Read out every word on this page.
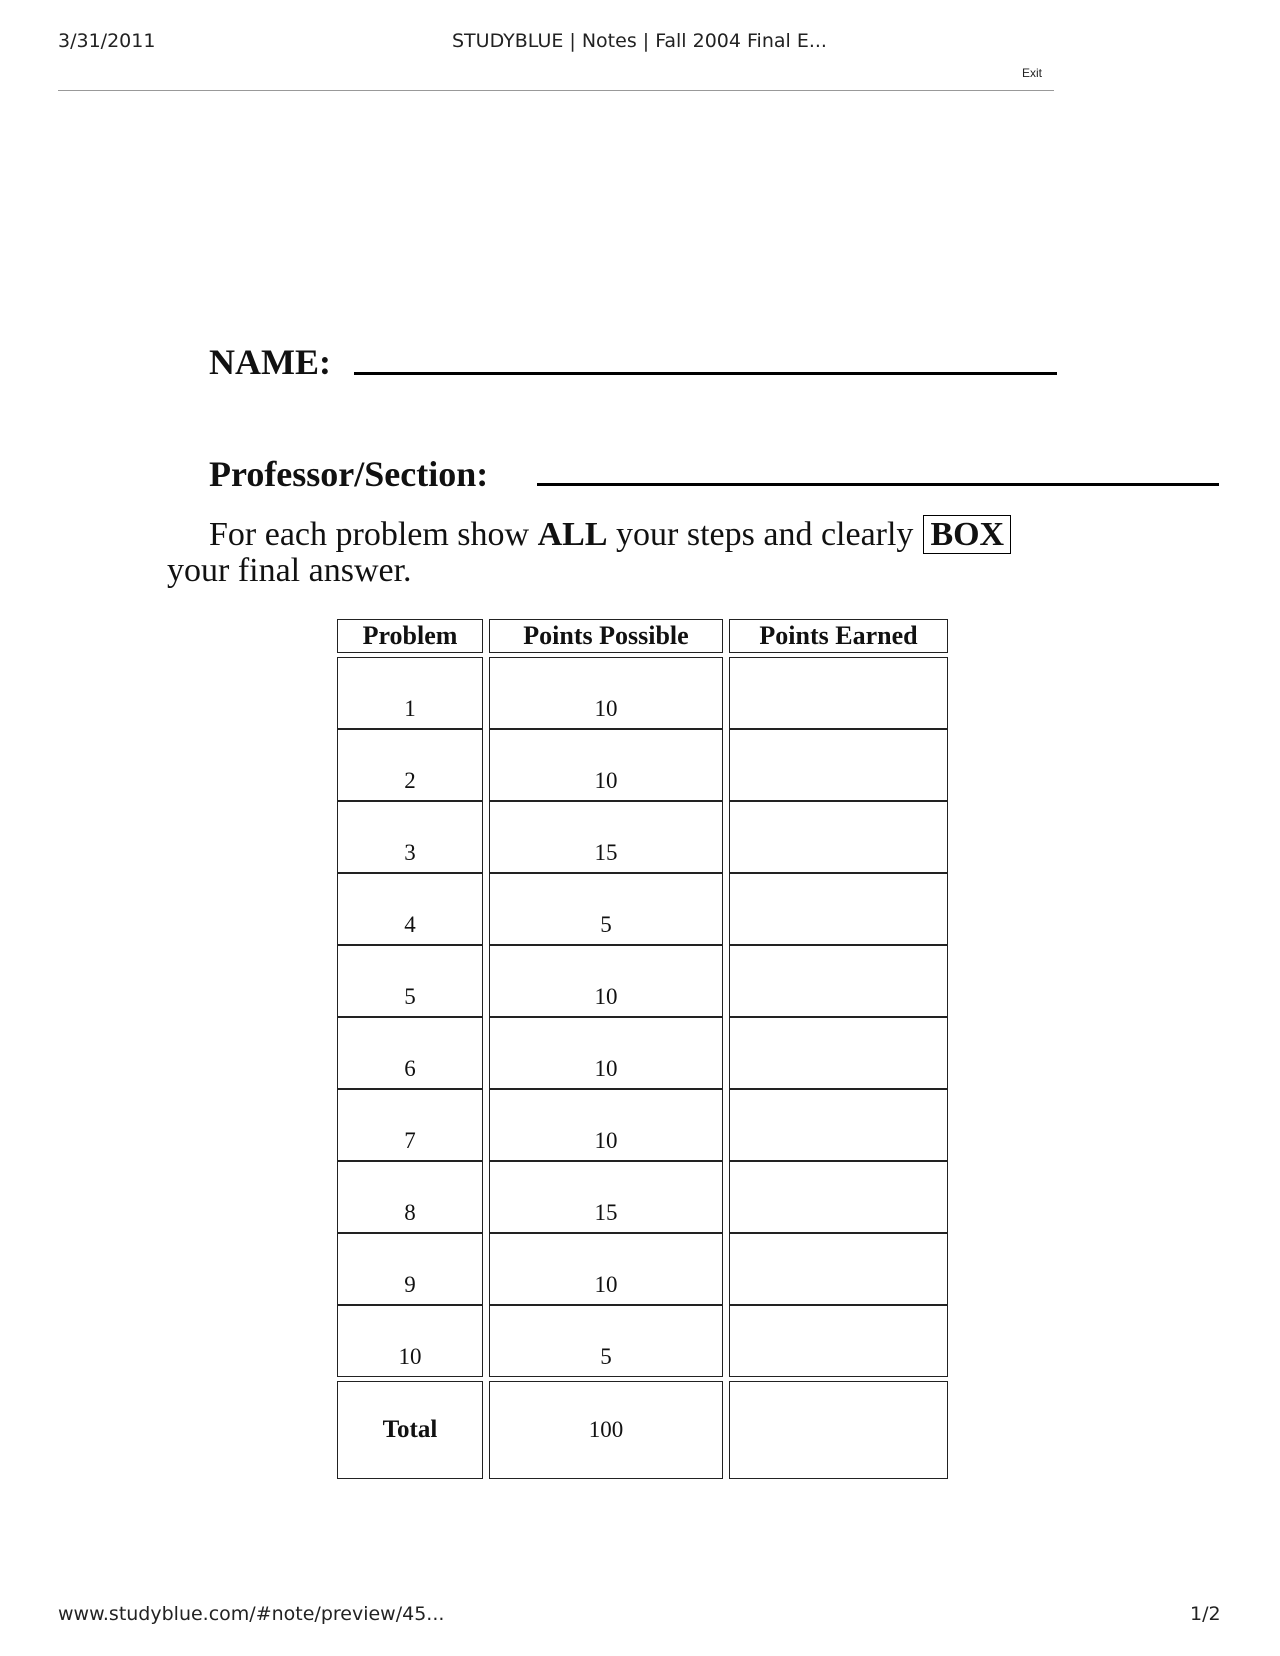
3/31/2011	STUDYBLUE | Notes | Fall 2004 Final E...
Exit
NAME:
Professor/Section:
For each problem show ALL your steps and clearly BOX
your final answer.
Problem		Points Possible		Points Earned

1		10		
2		10		
3		15		
4		5		
5		10		
6		10		
7		10		
8		15		
9		10		
10		5		

Total		100		
www.studyblue.com/#note/preview/45...	1/2
